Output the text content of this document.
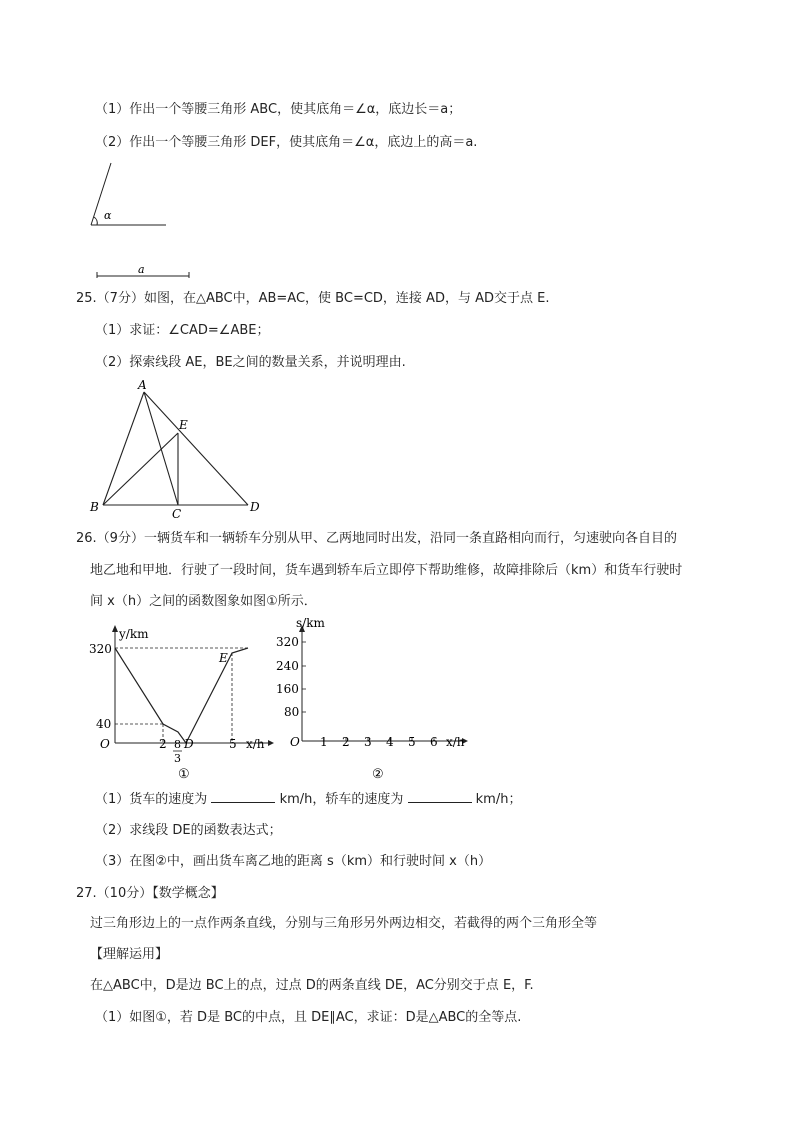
（1）作出一个等腰三角形 ABC，使其底角＝∠α，底边长＝a；
（2）作出一个等腰三角形 DEF，使其底角＝∠α，底边上的高＝a.
α
a
25.（7分）如图，在△ABC中，AB=AC，使 BC=CD，连接 AD，与 AD交于点 E.
（1）求证：∠CAD=∠ABE；
（2）探索线段 AE，BE之间的数量关系，并说明理由.
A
E
B	C	D
26.（9分）一辆货车和一辆轿车分别从甲、乙两地同时出发，沿同一条直路相向而行，匀速驶向各自目的
地乙地和甲地．行驶了一段时间，货车遇到轿车后立即停下帮助维修，故障排除后（km）和货车行驶时
间 x（h）之间的函数图象如图①所示．
y/km
320
40
O	2 8
3
D
E
5 x/h
①
s/km
320
240
160
80
O 1 2 3 4 5 6 x/h
②
（1）货车的速度为	km/h，轿车的速度为	km/h；
（2）求线段 DE的函数表达式；
（3）在图②中，画出货车离乙地的距离 s（km）和行驶时间 x（h）
27.（10分）【数学概念】
过三角形边上的一点作两条直线，分别与三角形另外两边相交，若截得的两个三角形全等
【理解运用】
在△ABC中，D是边 BC上的点，过点 D的两条直线 DE，AC分别交于点 E，F.
（1）如图①，若 D是 BC的中点，且 DE∥AC，求证：D是△ABC的全等点.
